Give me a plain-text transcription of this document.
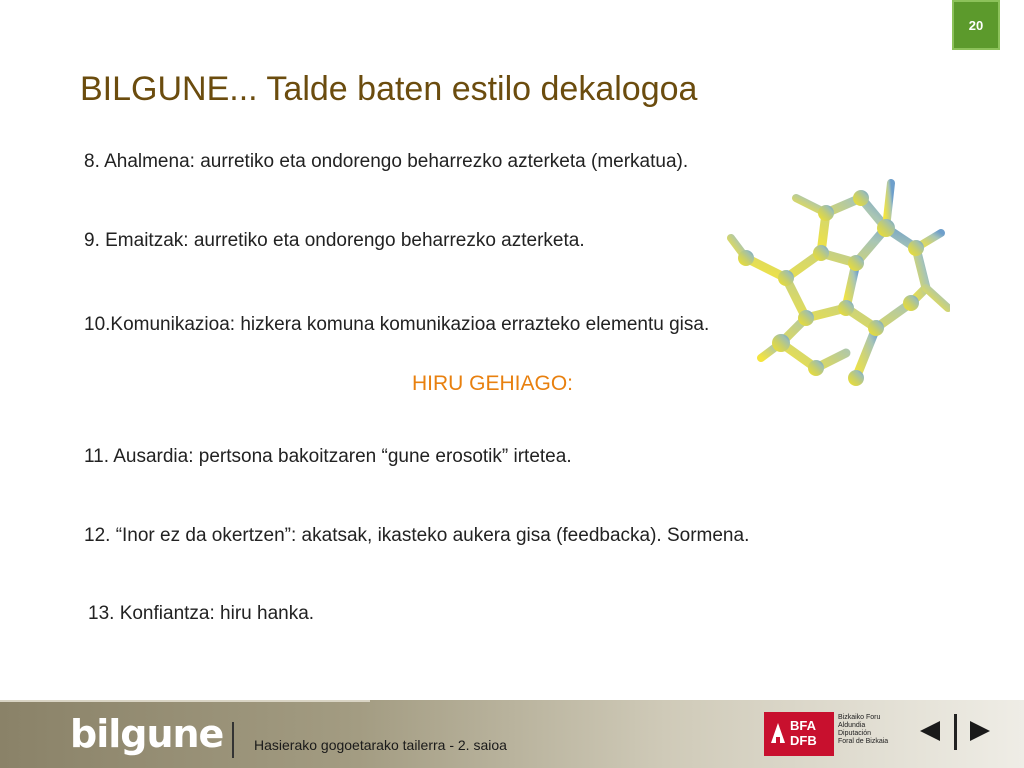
20
BILGUNE... Talde baten estilo dekalogoa
8. Ahalmena: aurretiko eta ondorengo beharrezko azterketa (merkatua).
9. Emaitzak: aurretiko eta ondorengo beharrezko azterketa.
10.Komunikazioa: hizkera komuna komunikazioa errazteko elementu gisa.
HIRU GEHIAGO:
11. Ausardia: pertsona bakoitzaren “gune erosotik” irtetea.
12. “Inor ez da okertzen”: akatsak, ikasteko aukera gisa (feedbacka). Sormena.
13. Konfiantza: hiru hanka.
bilgune Hasierako gogoetarako tailerra - 2. saioa
BFA
DFB
Bizkaiko Foru
Aldundia
Diputación
Foral de Bizkaia
